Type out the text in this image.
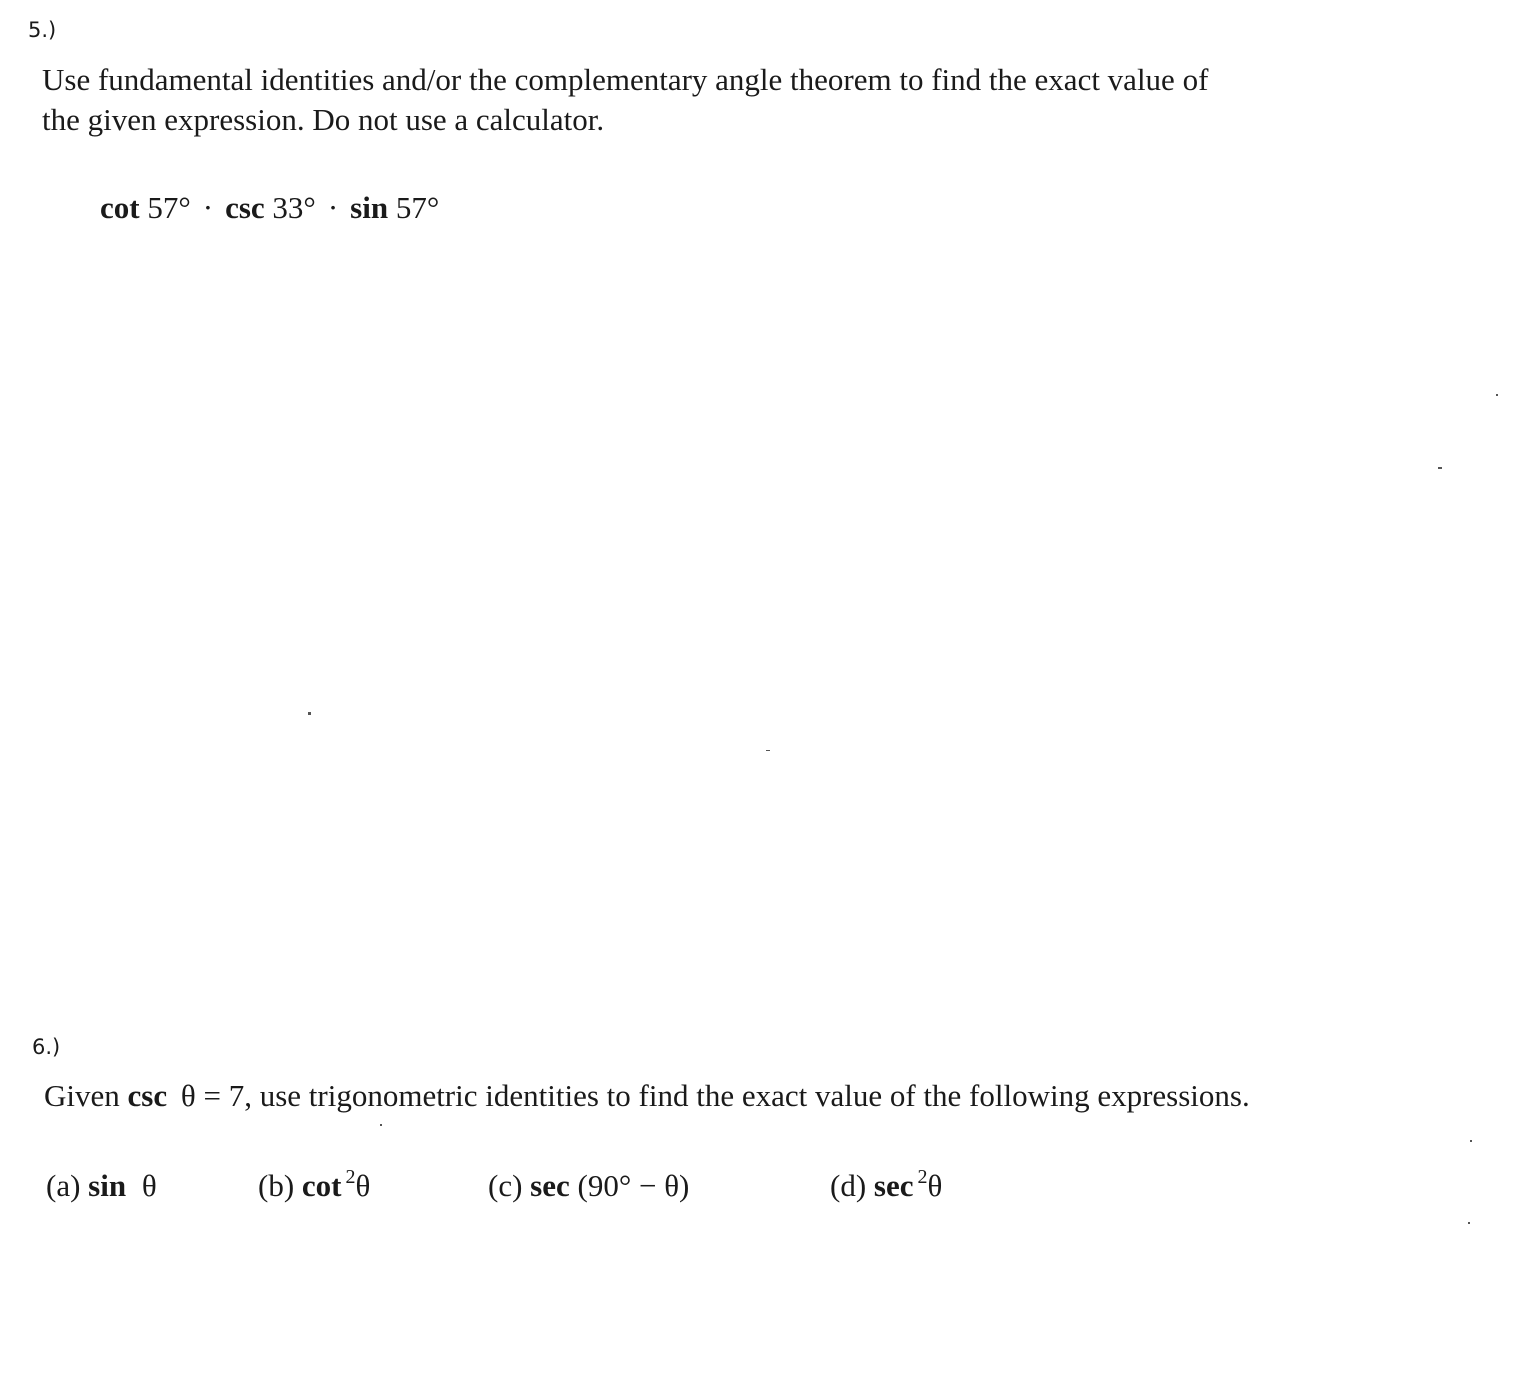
5.)
Use fundamental identities and/or the complementary angle theorem to find the exact value of
the given expression. Do not use a calculator.
cot 57° · csc 33° · sin 57°
6.)
Given csc θ = 7, use trigonometric identities to find the exact value of the following expressions.
(a) sin θ	(b) cot $^2$θ	(c) sec (90° − θ)	(d) sec $^2$θ
